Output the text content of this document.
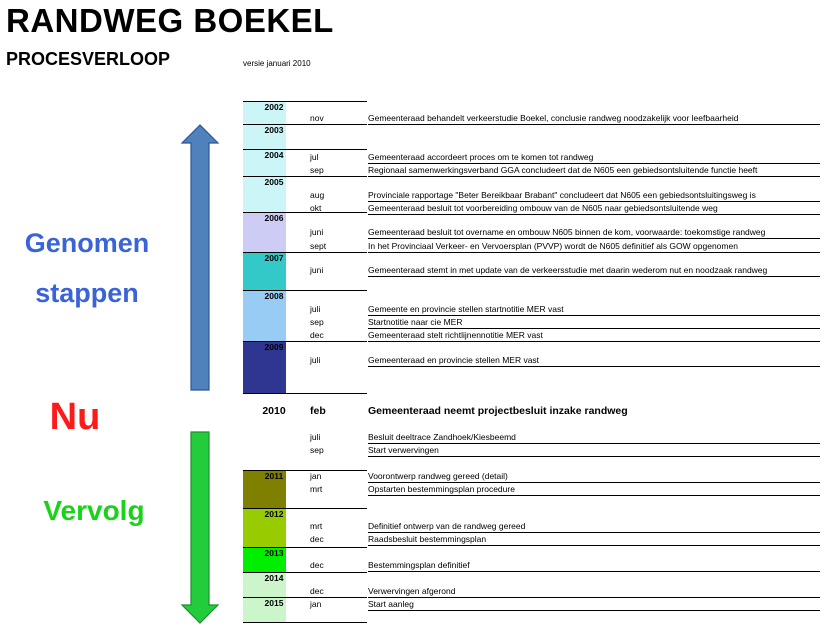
RANDWEG BOEKEL
PROCESVERLOOP	versie januari 2010
Genomen
stappen
Nu
Vervolg
2002
nov	Gemeenteraad behandelt verkeerstudie Boekel, conclusie randweg noodzakelijk voor leefbaarheid
2003
2004	jul	Gemeenteraad accordeert proces om te komen tot randweg
sep	Regionaal samenwerkingsverband GGA concludeert dat de N605 een gebiedsontsluitende functie heeft
2005
aug	Provinciale rapportage "Beter Bereikbaar Brabant" concludeert dat N605 een gebiedsontsluitingsweg is
okt	Gemeenteraad besluit tot voorbereiding ombouw van de N605 naar gebiedsontsluitende weg
2006
juni	Gemeenteraad besluit tot overname en ombouw N605 binnen de kom, voorwaarde: toekomstige randweg
sept	In het Provinciaal Verkeer- en Vervoersplan (PVVP) wordt de N605 definitief als GOW opgenomen
2007
juni	Gemeenteraad stemt in met update van de verkeersstudie met daarin wederom nut en noodzaak randweg
2008
juli	Gemeente en provincie stellen startnotitie MER vast
sep	Startnotitie naar cie MER
dec	Gemeenteraad stelt richtlijnennotitie MER vast
2009
juli	Gemeenteraad en provincie stellen MER vast
2010	feb	Gemeenteraad neemt projectbesluit inzake randweg
juli	Besluit deeltrace Zandhoek/Kiesbeemd
sep	Start verwervingen
2011	jan	Voorontwerp randweg gereed (detail)
mrt	Opstarten bestemmingsplan procedure
2012
mrt	Definitief ontwerp van de randweg gereed
dec	Raadsbesluit bestemmingsplan
2013
dec	Bestemmingsplan definitief
2014
dec	Verwervingen afgerond
2015	jan	Start aanleg
